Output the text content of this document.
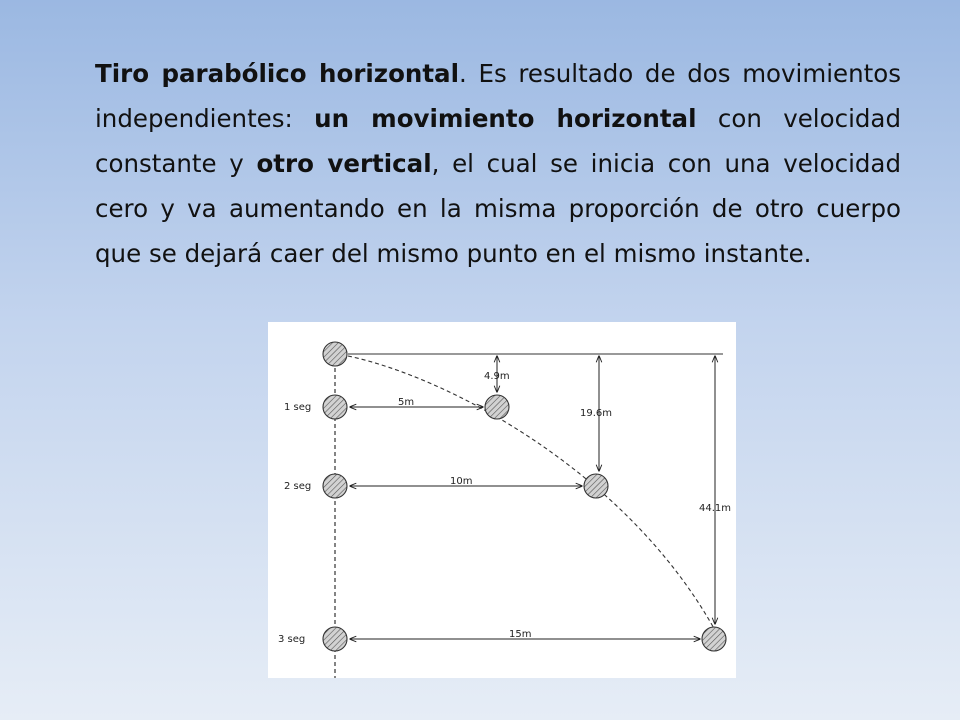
Tiro parabólico horizontal. Es resultado de dos movimientos independientes: un movimiento horizontal con velocidad constante y otro vertical, el cual se inicia con una velocidad cero y va aumentando en la misma proporción de otro cuerpo que se dejará caer del mismo punto en el mismo instante.

1 seg
2 seg
3 seg
5m
10m
15m
4.9m
19.6m
44.1m
